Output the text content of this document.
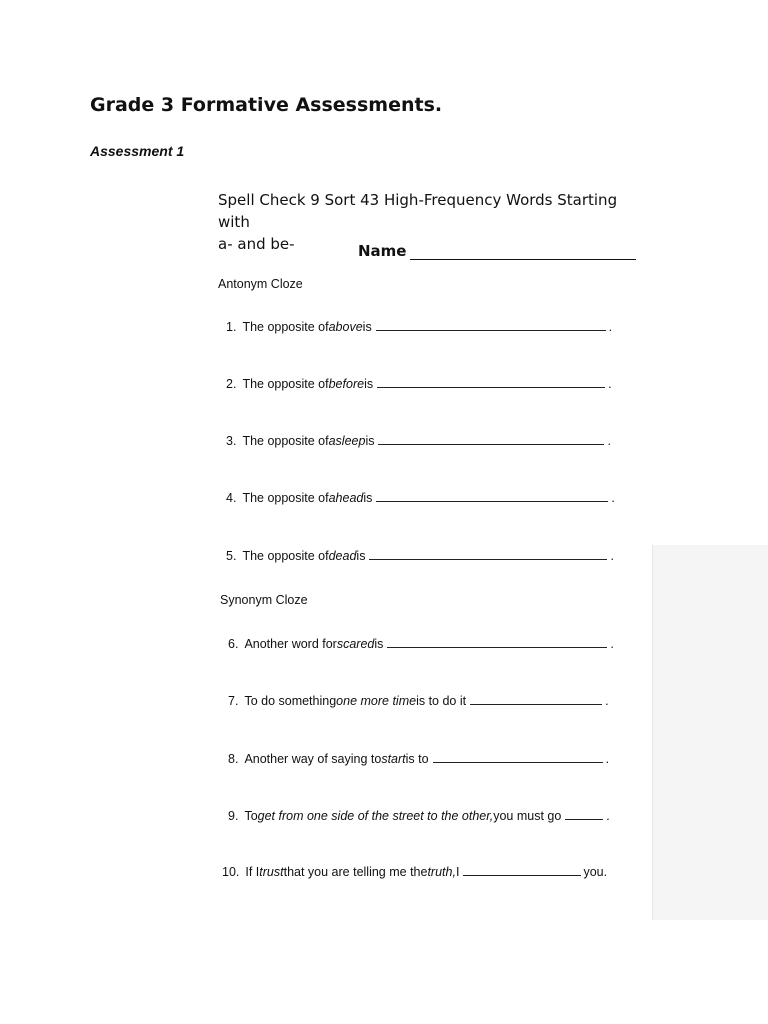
Grade 3 Formative Assessments.
Assessment 1
Spell Check 9 Sort 43 High-Frequency Words Starting with
a- and be-	Name
Antonym Cloze
1. The opposite of above is	.
2. The opposite of before is	.
3. The opposite of asleep is	.
4. The opposite of ahead is	.
5. The opposite of dead is	.
Synonym Cloze
6. Another word for scared is	.
7. To do something one more time is to do it	.
8. Another way of saying to start is to	.
9. To get from one side of the street to the other, you must go	.
10. If I trust that you are telling me the truth, I	you.
